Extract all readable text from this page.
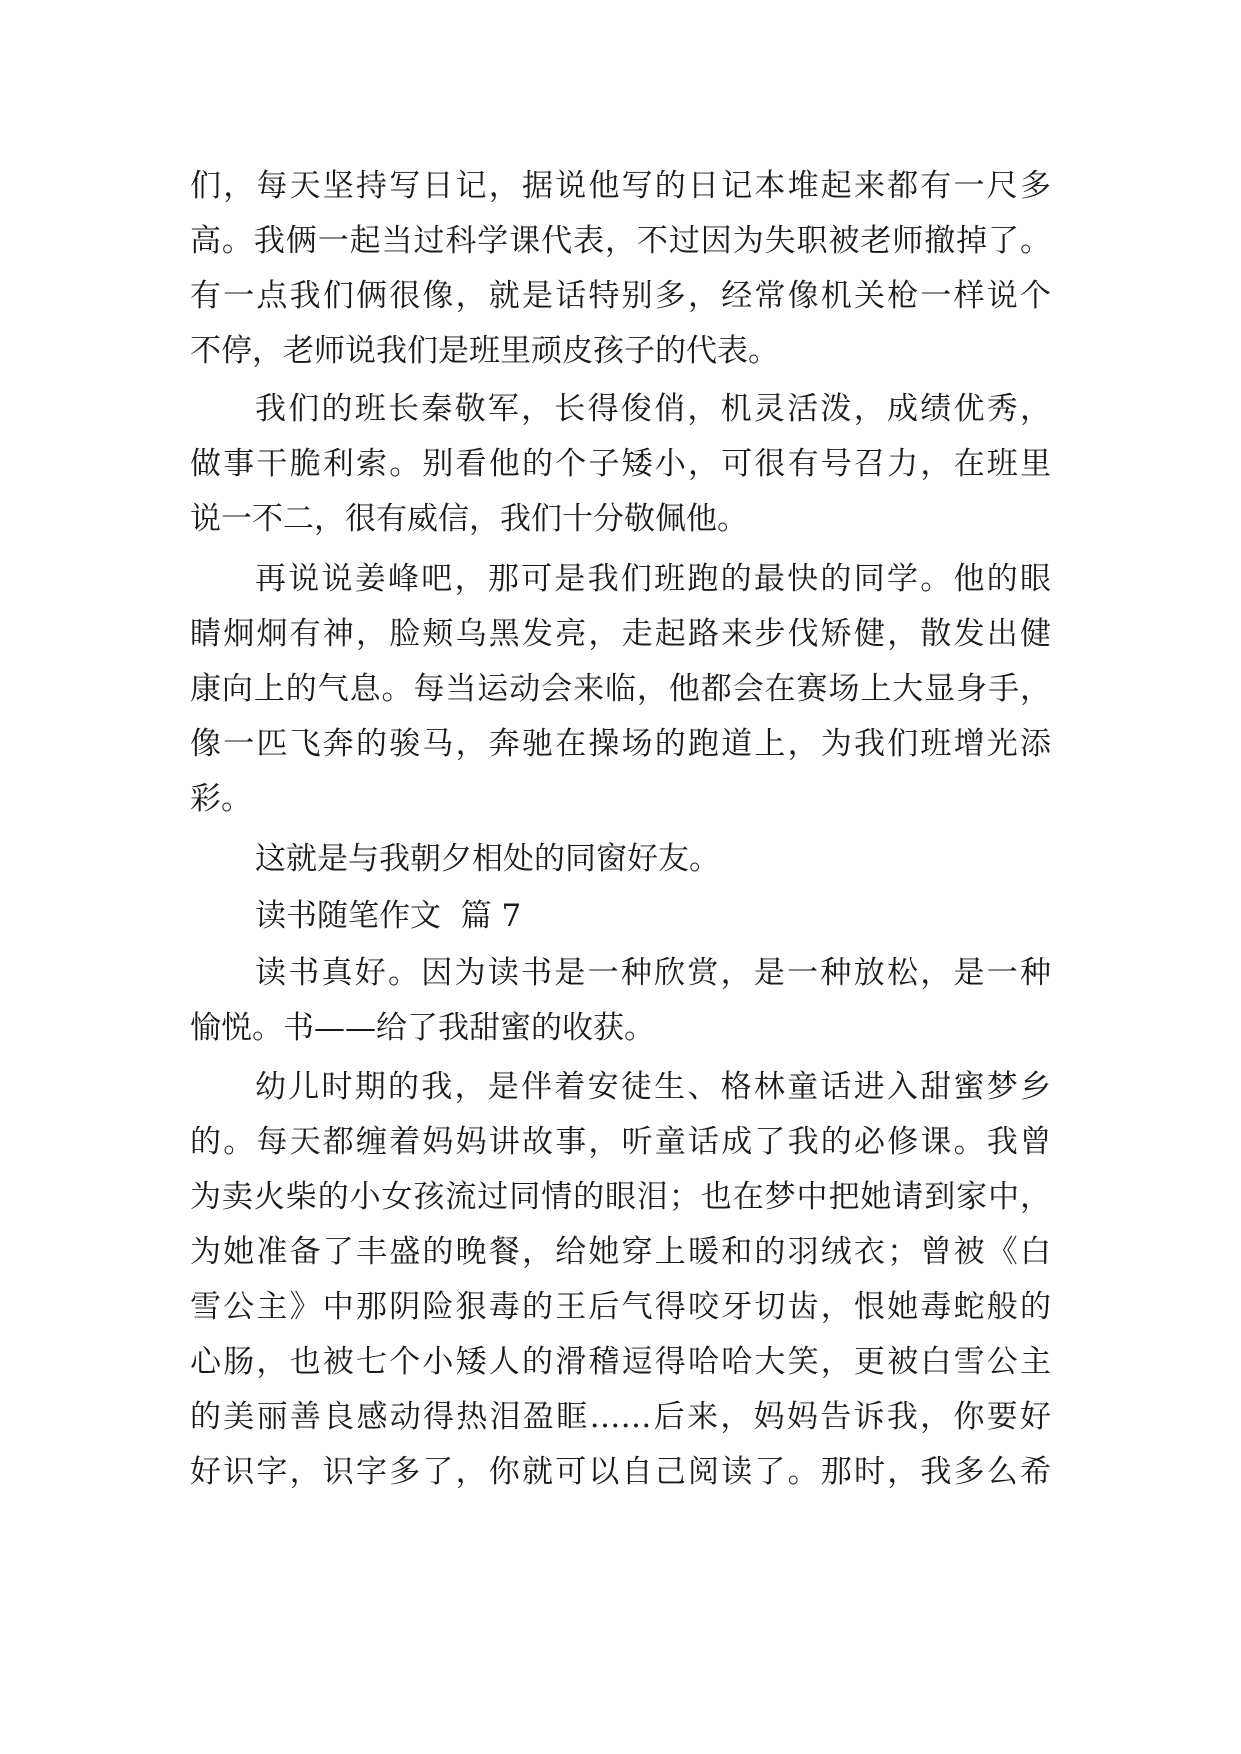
们，每天坚持写日记，据说他写的日记本堆起来都有一尺多
高。我俩一起当过科学课代表，不过因为失职被老师撤掉了。
有一点我们俩很像，就是话特别多，经常像机关枪一样说个
不停，老师说我们是班里顽皮孩子的代表。
我们的班长秦敬军，长得俊俏，机灵活泼，成绩优秀，
做事干脆利索。别看他的个子矮小，可很有号召力，在班里
说一不二，很有威信，我们十分敬佩他。
再说说姜峰吧，那可是我们班跑的最快的同学。他的眼
睛炯炯有神，脸颊乌黑发亮，走起路来步伐矫健，散发出健
康向上的气息。每当运动会来临，他都会在赛场上大显身手，
像一匹飞奔的骏马，奔驰在操场的跑道上，为我们班增光添
彩。
这就是与我朝夕相处的同窗好友。
读书随笔作文  篇 7
读书真好。因为读书是一种欣赏，是一种放松，是一种
愉悦。书——给了我甜蜜的收获。
幼儿时期的我，是伴着安徒生、格林童话进入甜蜜梦乡
的。每天都缠着妈妈讲故事，听童话成了我的必修课。我曾
为卖火柴的小女孩流过同情的眼泪；也在梦中把她请到家中，
为她准备了丰盛的晚餐，给她穿上暖和的羽绒衣；曾被《白
雪公主》中那阴险狠毒的王后气得咬牙切齿，恨她毒蛇般的
心肠，也被七个小矮人的滑稽逗得哈哈大笑，更被白雪公主
的美丽善良感动得热泪盈眶……后来，妈妈告诉我，你要好
好识字，识字多了，你就可以自己阅读了。那时，我多么希
